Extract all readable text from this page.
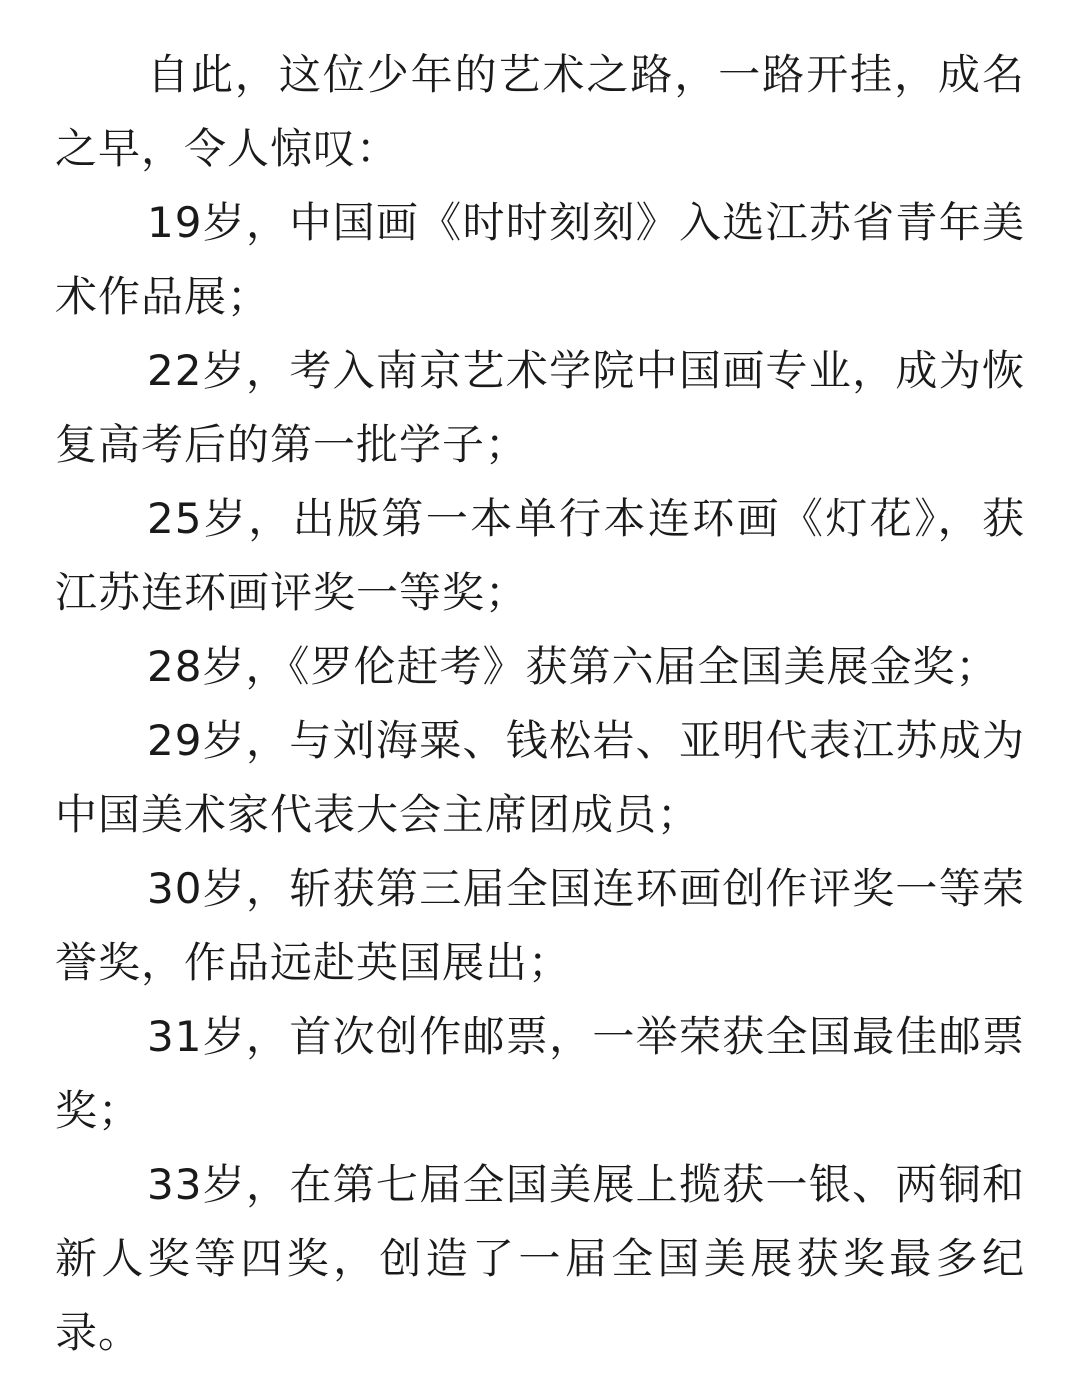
自此，这位少年的艺术之路，一路开挂，成名之早，令人惊叹：

19岁，中国画《时时刻刻》入选江苏省青年美术作品展；

22岁，考入南京艺术学院中国画专业，成为恢复高考后的第一批学子；

25岁，出版第一本单行本连环画《灯花》，获江苏连环画评奖一等奖；

28岁，《罗伦赶考》获第六届全国美展金奖；

29岁，与刘海粟、钱松岩、亚明代表江苏成为中国美术家代表大会主席团成员；

30岁，斩获第三届全国连环画创作评奖一等荣誉奖，作品远赴英国展出；

31岁，首次创作邮票，一举荣获全国最佳邮票奖；

33岁，在第七届全国美展上揽获一银、两铜和新人奖等四奖，创造了一届全国美展获奖最多纪录。
